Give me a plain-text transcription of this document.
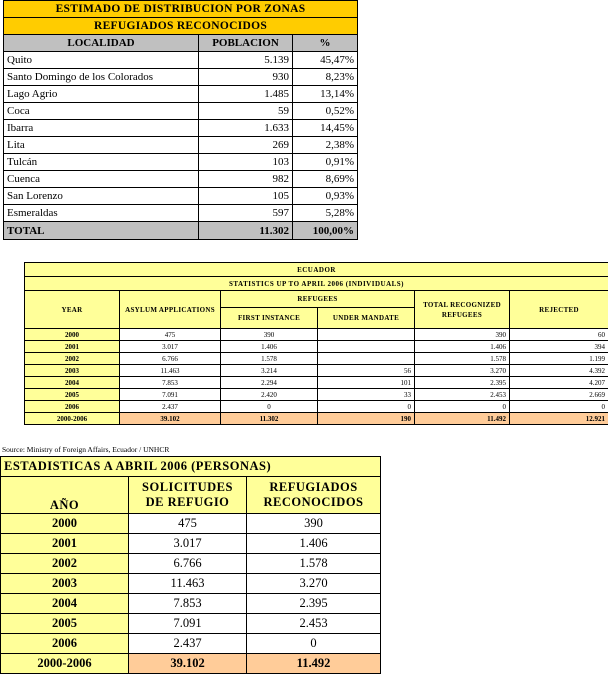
ESTIMADO DE DISTRIBUCION POR ZONAS		
REFUGIADOS RECONOCIDOS		
LOCALIDAD	POBLACION	%
Quito	5.139	45,47%
Santo Domingo de los Colorados	930	8,23%
Lago Agrio	1.485	13,14%
Coca	59	0,52%
Ibarra	1.633	14,45%
Lita	269	2,38%
Tulcán	103	0,91%
Cuenca	982	8,69%
San Lorenzo	105	0,93%
Esmeraldas	597	5,28%
TOTAL	11.302	100,00%
ECUADOR					
STATISTICS UP TO APRIL 2006 (INDIVIDUALS)					
YEAR	ASYLUM APPLICATIONS	REFUGEES		TOTAL RECOGNIZED REFUGEES	REJECTED
		FIRST INSTANCE	UNDER MANDATE		
2000	475	390		390	60
2001	3.017	1.406		1.406	394
2002	6.766	1.578		1.578	1.199
2003	11.463	3.214	56	3.270	4.392
2004	7.853	2.294	101	2.395	4.207
2005	7.091	2.420	33	2.453	2.669
2006	2.437	0	0	0	0
2000-2006	39.102	11.302	190	11.492	12.921
Source: Ministry of Foreign Affairs, Ecuador / UNHCR
ESTADISTICAS A ABRIL 2006 (PERSONAS)		
AÑO	SOLICITUDES DE REFUGIO	REFUGIADOS RECONOCIDOS
2000	475	390
2001	3.017	1.406
2002	6.766	1.578
2003	11.463	3.270
2004	7.853	2.395
2005	7.091	2.453
2006	2.437	0
2000-2006	39.102	11.492
